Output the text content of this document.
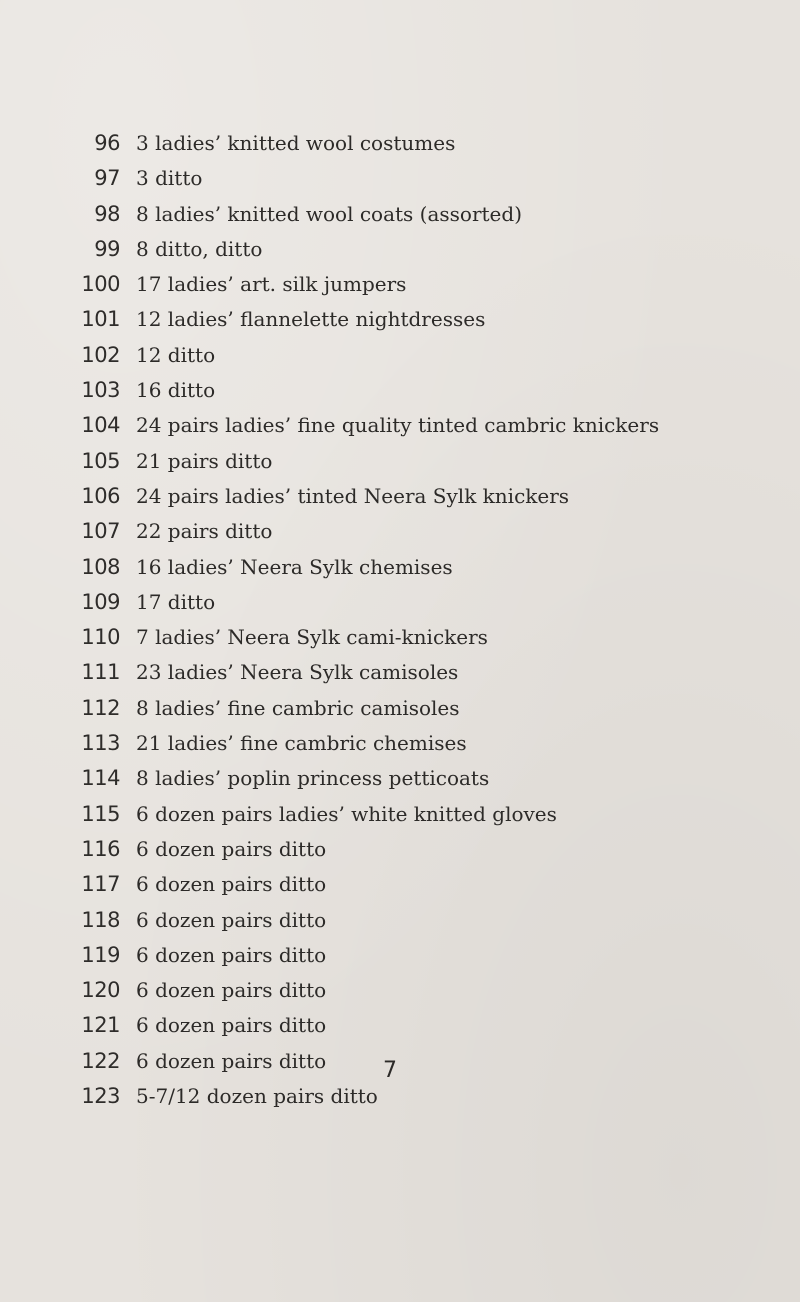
96 3 ladies’ knitted wool costumes
97 3 ditto
98 8 ladies’ knitted wool coats (assorted)
99 8 ditto, ditto
100 17 ladies’ art. silk jumpers
101 12 ladies’ flannelette nightdresses
102 12 ditto
103 16 ditto
104 24 pairs ladies’ fine quality tinted cambric knickers
105 21 pairs ditto
106 24 pairs ladies’ tinted Neera Sylk knickers
107 22 pairs ditto
108 16 ladies’ Neera Sylk chemises
109 17 ditto
110 7 ladies’ Neera Sylk cami-knickers
111 23 ladies’ Neera Sylk camisoles
112 8 ladies’ fine cambric camisoles
113 21 ladies’ fine cambric chemises
114 8 ladies’ poplin princess petticoats
115 6 dozen pairs ladies’ white knitted gloves
116 6 dozen pairs ditto
117 6 dozen pairs ditto
118 6 dozen pairs ditto
119 6 dozen pairs ditto
120 6 dozen pairs ditto
121 6 dozen pairs ditto
122 6 dozen pairs ditto
123 5-7/12 dozen pairs ditto
7
